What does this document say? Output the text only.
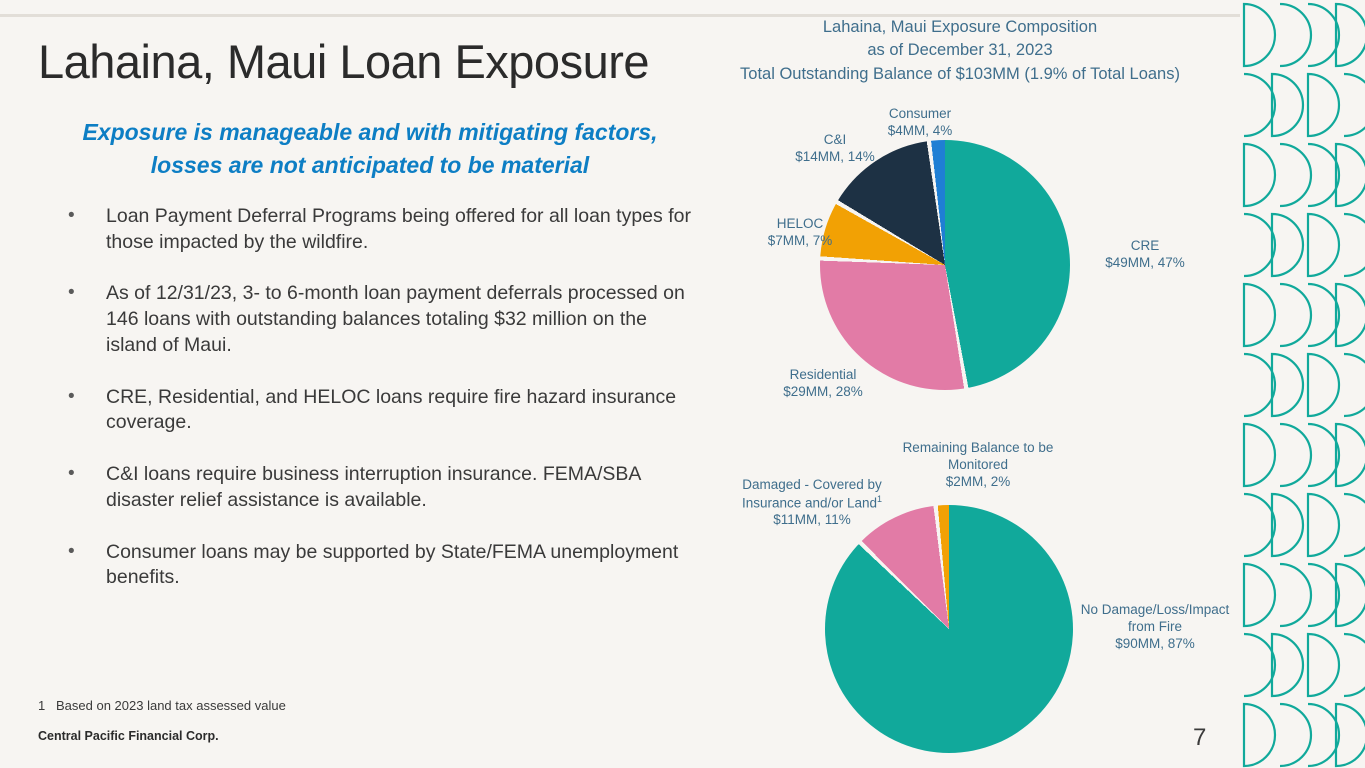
Lahaina, Maui Loan Exposure
Exposure is manageable and with mitigating factors, losses are not anticipated to be material
• Loan Payment Deferral Programs being offered for all loan types for those impacted by the wildfire.
• As of 12/31/23, 3- to 6-month loan payment deferrals processed on 146 loans with outstanding balances totaling $32 million on the island of Maui.
• CRE, Residential, and HELOC loans require fire hazard insurance coverage.
• C&I loans require business interruption insurance. FEMA/SBA disaster relief assistance is available.
• Consumer loans may be supported by State/FEMA unemployment benefits.
1 Based on 2023 land tax assessed value
Central Pacific Financial Corp.	7
Lahaina, Maui Exposure Composition
as of December 31, 2023
Total Outstanding Balance of $103MM (1.9% of Total Loans)
CRE
$49MM, 47%
Residential
$29MM, 28%
HELOC
$7MM, 7%
C&I
$14MM, 14%
Consumer
$4MM, 4%
No Damage/Loss/Impact from Fire
$90MM, 87%
Damaged - Covered by Insurance and/or Land$^1$
$11MM, 11%
Remaining Balance to be Monitored
$2MM, 2%
